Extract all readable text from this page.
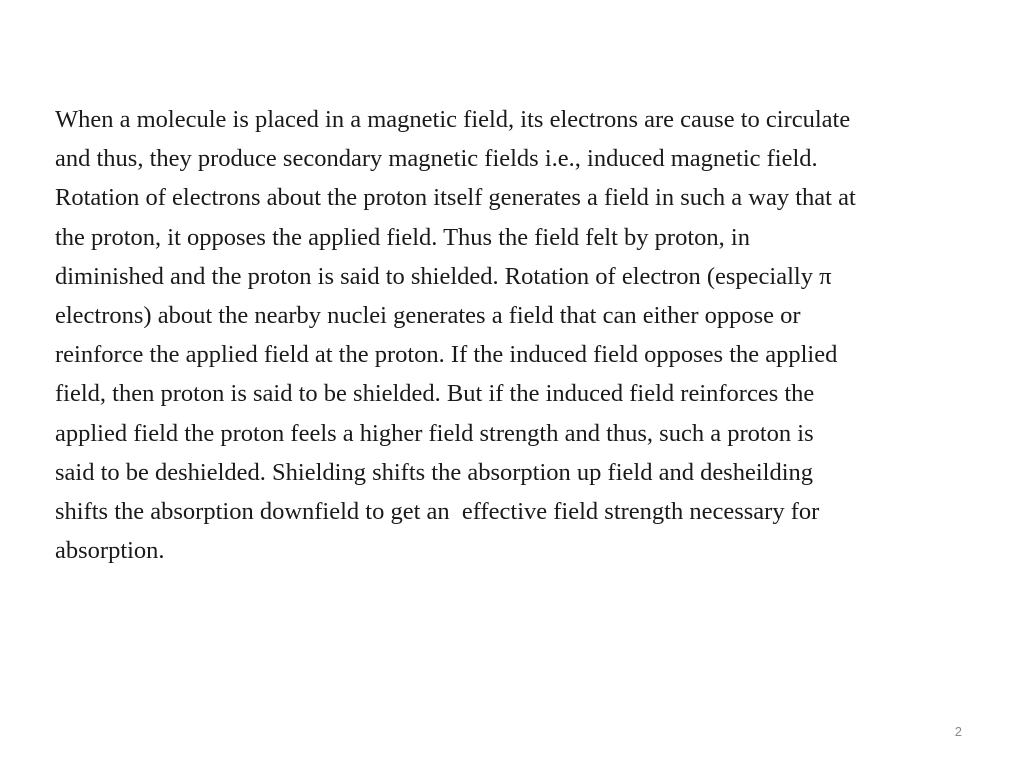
When a molecule is placed in a magnetic field, its electrons are cause to circulate
and thus, they produce secondary magnetic fields i.e., induced magnetic field.
Rotation of electrons about the proton itself generates a field in such a way that at
the proton, it opposes the applied field. Thus the field felt by proton, in
diminished and the proton is said to shielded. Rotation of electron (especially π
electrons) about the nearby nuclei generates a field that can either oppose or
reinforce the applied field at the proton. If the induced field opposes the applied
field, then proton is said to be shielded. But if the induced field reinforces the
applied field the proton feels a higher field strength and thus, such a proton is
said to be deshielded. Shielding shifts the absorption up field and desheilding
shifts the absorption downfield to get an  effective field strength necessary for
absorption.
2
